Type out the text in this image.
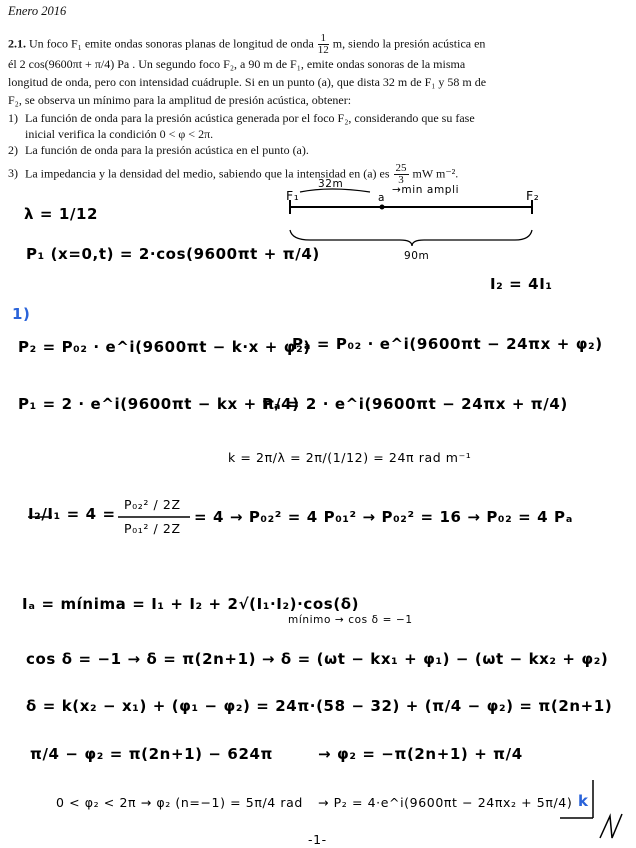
Enero 2016
2.1. Un foco F₁ emite ondas sonoras planas de longitud de onda $\frac{1}{12} m$, siendo la presión acústica en
él 2 cos(9600πt + π/4) Pa . Un segundo foco F₂, a 90 m de F₁, emite ondas sonoras de la misma
longitud de onda, pero con intensidad cuádruple. Si en un punto (a), que dista 32 m de F₁ y 58 m de
F₂, se observa un mínimo para la amplitud de presión acústica, obtener:
1) La función de onda para la presión acústica generada por el foco F₂, considerando que su fase
inicial verifica la condición 0 < φ < 2π.
2) La función de onda para la presión acústica en el punto (a).
3) La impedancia y la densidad del medio, sabiendo que la intensidad en (a) es $\frac{25}{3}$ mW m⁻².
F₁	F₂
32m
a
→min ampli
90m
λ = 1/12
P₁ (x=0,t) = 2·cos(9600πt + π/4)
I₂ = 4I₁
1)
P₂ = P₀₂ · e^i(9600πt − k·x + φ₂)
Pₐ = P₀₂ · e^i(9600πt − 24πx + φ₂)
P₁ = 2 · e^i(9600πt − kx + π/4)
Pₐ = 2 · e^i(9600πt − 24πx + π/4)
k = 2π/λ = 2π/(1/12) = 24π rad m⁻¹
I₂/I₁ = 4 =
P₀₂² / 2Z
P₀₁² / 2Z
= 4 → P₀₂² = 4 P₀₁² → P₀₂² = 16 → P₀₂ = 4 Pₐ
Iₐ = mínima = I₁ + I₂ + 2√(I₁·I₂)·cos(δ)
mínimo → cos δ = −1
cos δ = −1 → δ = π(2n+1) → δ = (ωt − kx₁ + φ₁) − (ωt − kx₂ + φ₂)
δ = k(x₂ − x₁) + (φ₁ − φ₂) = 24π·(58 − 32) + (π/4 − φ₂) = π(2n+1)
π/4 − φ₂ = π(2n+1) − 624π	→ φ₂ = −π(2n+1) + π/4
0 < φ₂ < 2π → φ₂ (n=−1) = 5π/4 rad → P₂ = 4·e^i(9600πt − 24πx₂ + 5π/4) k
-1-
